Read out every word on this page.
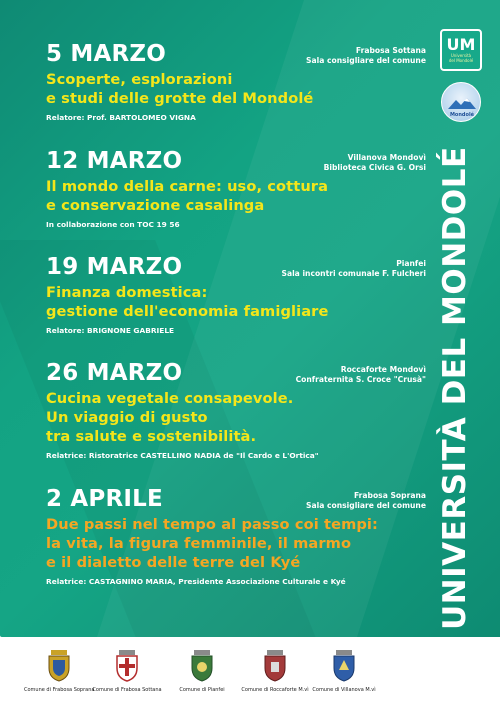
5 MARZO	Frabosa Sottana
Sala consigliare del comune
Scoperte, esplorazioni
e studi delle grotte del Mondolé
Relatore: Prof. BARTOLOMEO VIGNA
12 MARZO	Villanova Mondovì
Biblioteca Civica G. Orsi
Il mondo della carne: uso, cottura
e conservazione casalinga
In collaborazione con TOC 19 56
19 MARZO	Pianfei
Sala incontri comunale F. Fulcheri
Finanza domestica:
gestione dell'economia famigliare
Relatore: BRIGNONE GABRIELE
26 MARZO	Roccaforte Mondovì
Confraternita S. Croce "Crusà"
Cucina vegetale consapevole.
Un viaggio di gusto
tra salute e sostenibilità.
Relatrice: Ristoratrice CASTELLINO NADIA de "Il Cardo e L'Ortica"
2 APRILE	Frabosa Soprana
Sala consigliare del comune
Due passi nel tempo al passo coi tempi:
la vita, la figura femminile, il marmo
e il dialetto delle terre del Kyé
Relatrice: CASTAGNINO MARIA, Presidente Associazione Culturale e Kyé
UM
Università
del Mondolé
Mondolé
UNIVERSITÀ DEL MONDOLÉ
Comune di Frabosa Soprana
Comune di Frabosa Sottana	Comune di Pianfei	Comune di Roccaforte M.vì Comune di Villanova M.vì
